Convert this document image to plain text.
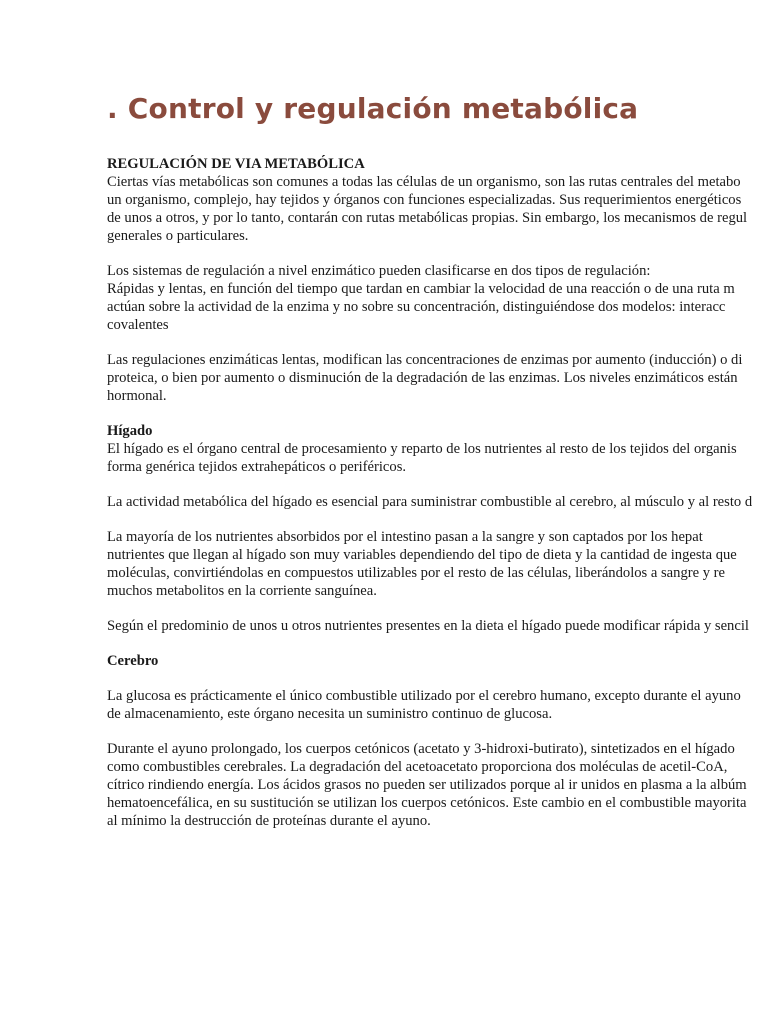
. Control y regulación metabólica
REGULACIÓN DE VIA METABÓLICA
Ciertas vías metabólicas son comunes a todas las células de un organismo, son las rutas centrales del metabo
un organismo, complejo, hay tejidos y órganos con funciones especializadas. Sus requerimientos energéticos
de unos a otros, y por lo tanto, contarán con rutas metabólicas propias. Sin embargo, los mecanismos de regul
generales o particulares.
Los sistemas de regulación a nivel enzimático pueden clasificarse en dos tipos de regulación:
Rápidas y lentas, en función del tiempo que tardan en cambiar la velocidad de una reacción o de una ruta m
actúan sobre la actividad de la enzima y no sobre su concentración, distinguiéndose dos modelos: interacc
covalentes
Las regulaciones enzimáticas lentas, modifican las concentraciones de enzimas por aumento (inducción) o di
proteica, o bien por aumento o disminución de la degradación de las enzimas. Los niveles enzimáticos están
hormonal.
Hígado
El hígado es el órgano central de procesamiento y reparto de los nutrientes al resto de los tejidos del organis
forma genérica tejidos extrahepáticos o periféricos.
La actividad metabólica del hígado es esencial para suministrar combustible al cerebro, al músculo y al resto d
La mayoría de los nutrientes absorbidos por el intestino pasan a la sangre y son captados por los hepat
nutrientes que llegan al hígado son muy variables dependiendo del tipo de dieta y la cantidad de ingesta que
moléculas, convirtiéndolas en compuestos utilizables por el resto de las células, liberándolos a sangre y re
muchos metabolitos en la corriente sanguínea.
Según el predominio de unos u otros nutrientes presentes en la dieta el hígado puede modificar rápida y sencil
Cerebro
La glucosa es prácticamente el único combustible utilizado por el cerebro humano, excepto durante el ayuno
de almacenamiento, este órgano necesita un suministro continuo de glucosa.
Durante el ayuno prolongado, los cuerpos cetónicos (acetato y 3-hidroxi-butirato), sintetizados en el hígado
como combustibles cerebrales. La degradación del acetoacetato proporciona dos moléculas de acetil-CoA,
cítrico rindiendo energía. Los ácidos grasos no pueden ser utilizados porque al ir unidos en plasma a la albúm
hematoencefálica, en su sustitución se utilizan los cuerpos cetónicos. Este cambio en el combustible mayorita
al mínimo la destrucción de proteínas durante el ayuno.
